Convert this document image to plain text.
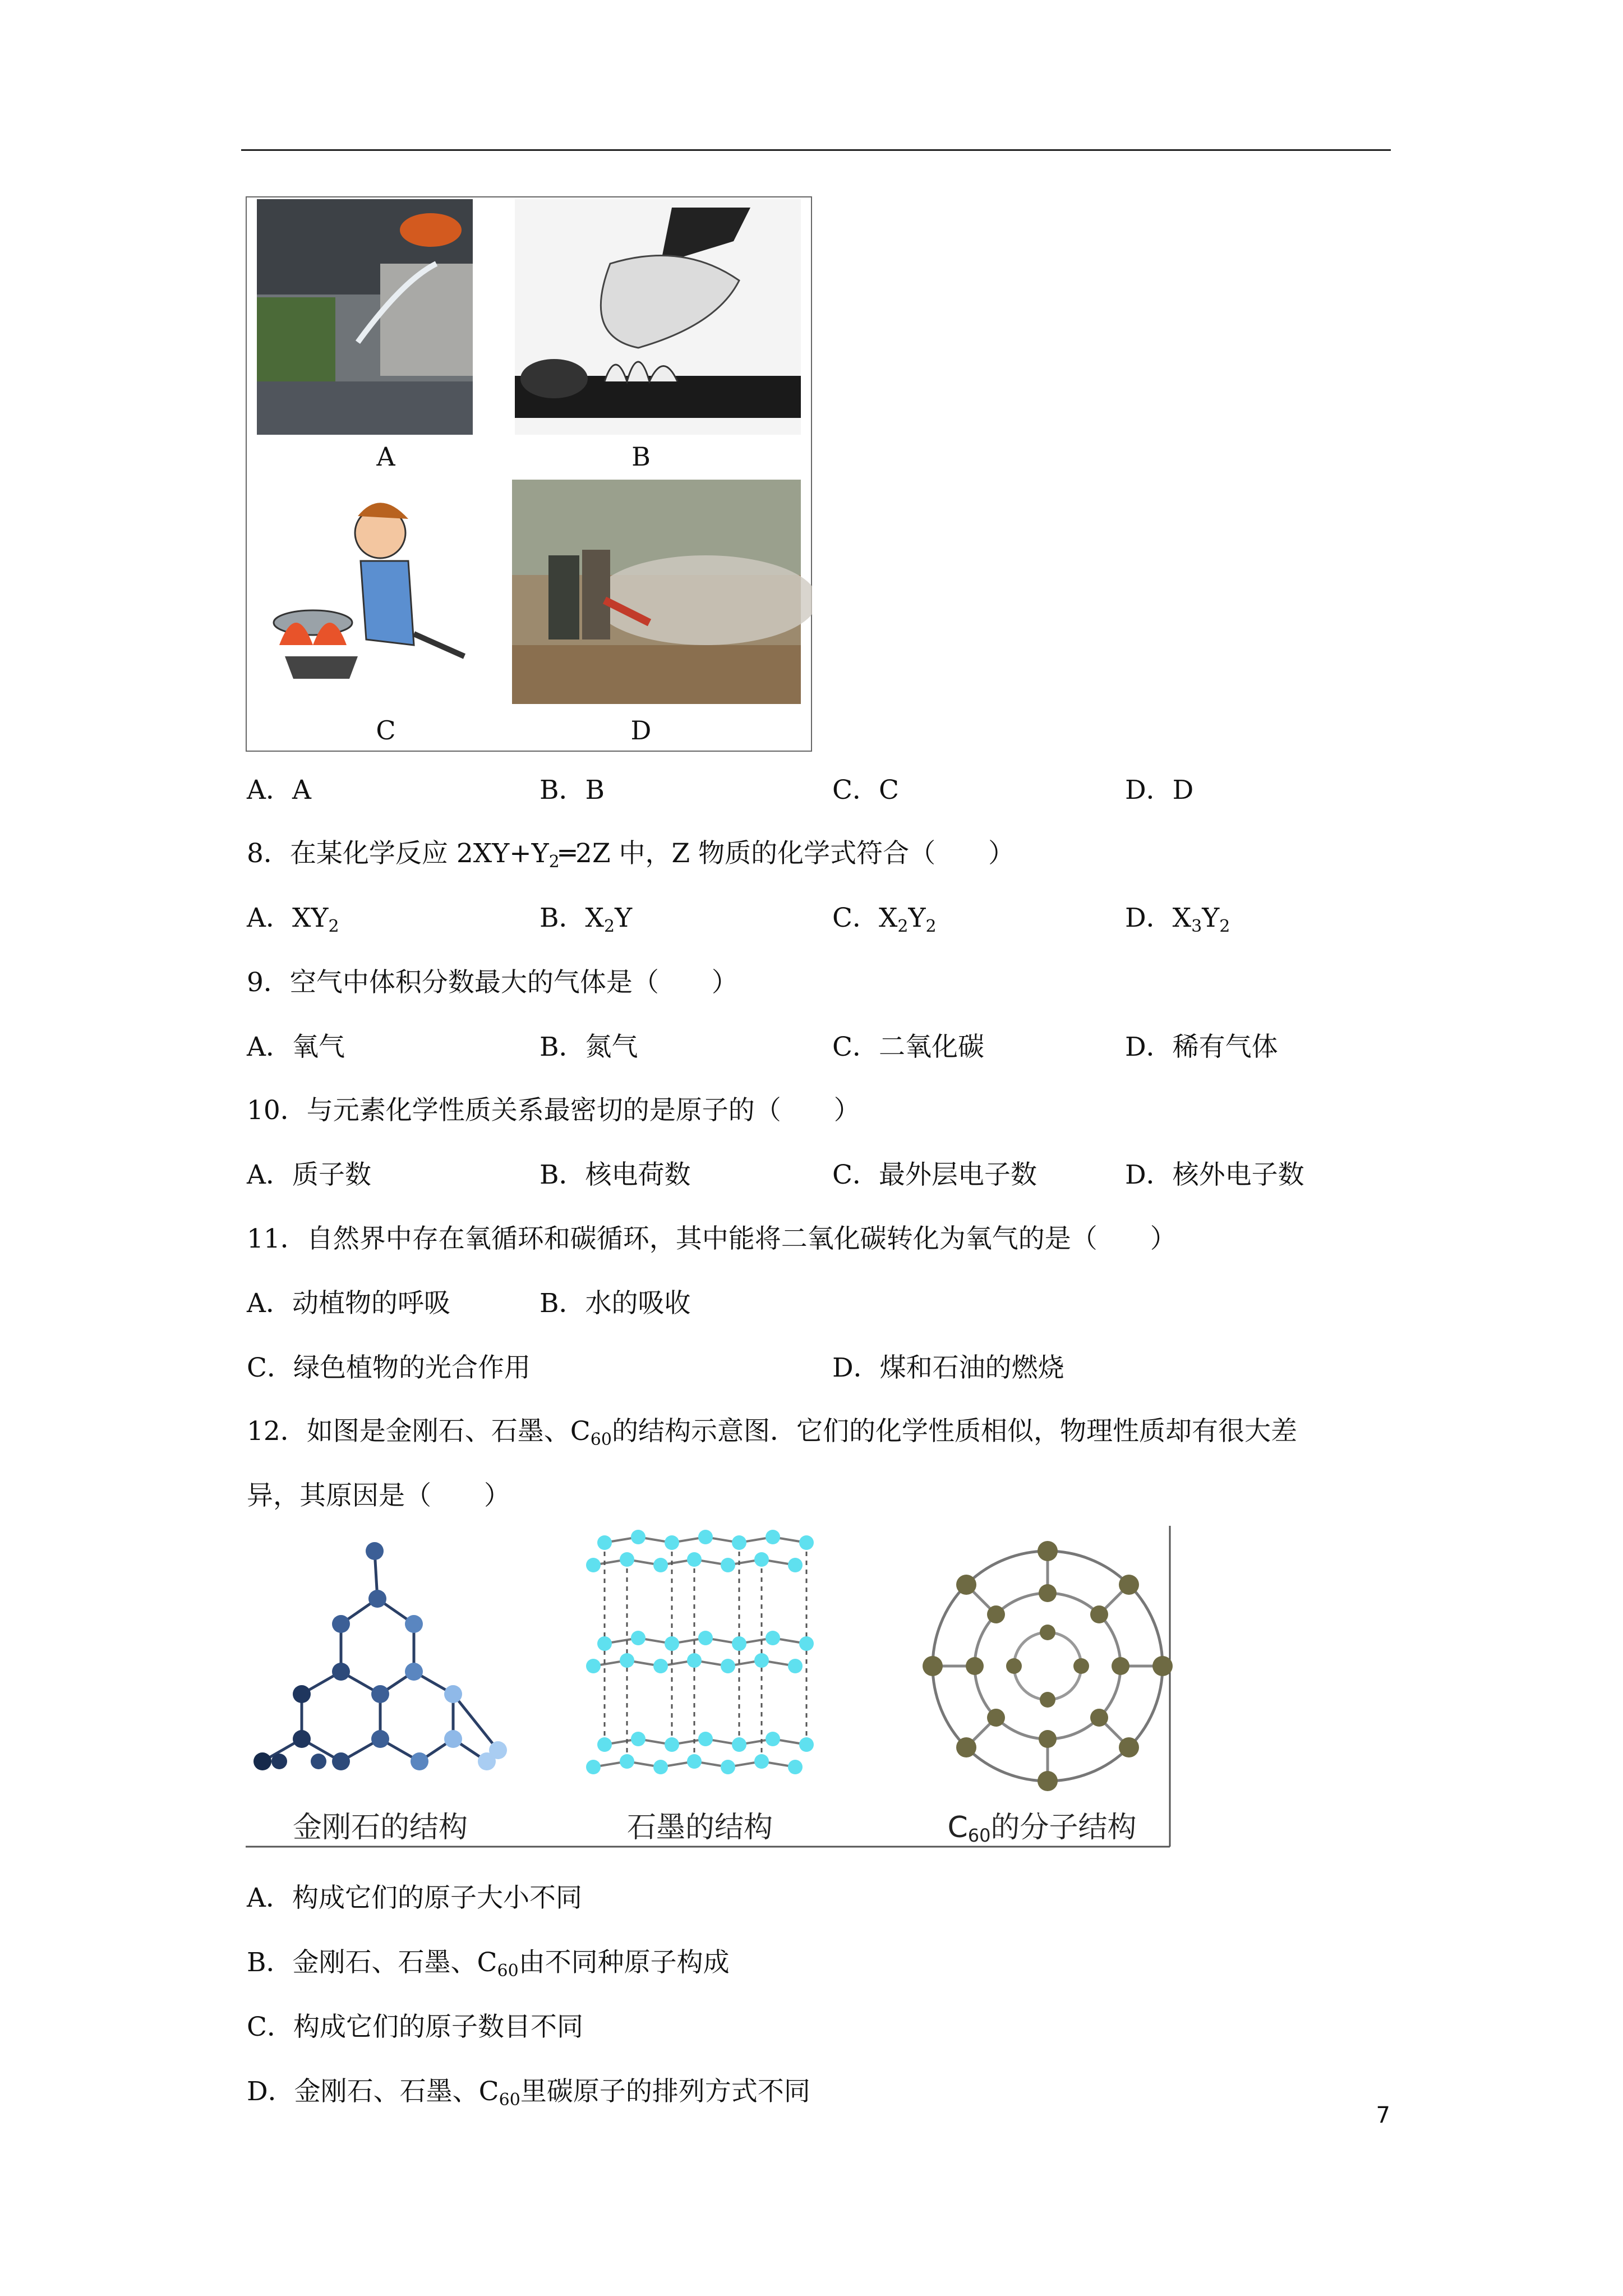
A	B
C	D
A．A	B．B	C．C	D．D
8．在某化学反应 $2XY+Y_2═2Z$ 中，Z 物质的化学式符合（　　）
A．$XY_2$	B．$X_2Y$	C．$X_2Y_2$	D．$X_3Y_2$
9．空气中体积分数最大的气体是（　　）
A．氧气	B．氮气	C．二氧化碳	D．稀有气体
10．与元素化学性质关系最密切的是原子的（　　）
A．质子数	B．核电荷数	C．最外层电子数	D．核外电子数
11．自然界中存在氧循环和碳循环，其中能将二氧化碳转化为氧气的是（　　）
A．动植物的呼吸	B．水的吸收
C．绿色植物的光合作用	D．煤和石油的燃烧
12．如图是金刚石、石墨、$C_{60}$的结构示意图．它们的化学性质相似，物理性质却有很大差
异，其原因是（　　）
金刚石的结构	石墨的结构	C60的分子结构
A．构成它们的原子大小不同
B．金刚石、石墨、$C_{60}$由不同种原子构成
C．构成它们的原子数目不同
D．金刚石、石墨、$C_{60}$里碳原子的排列方式不同
7
